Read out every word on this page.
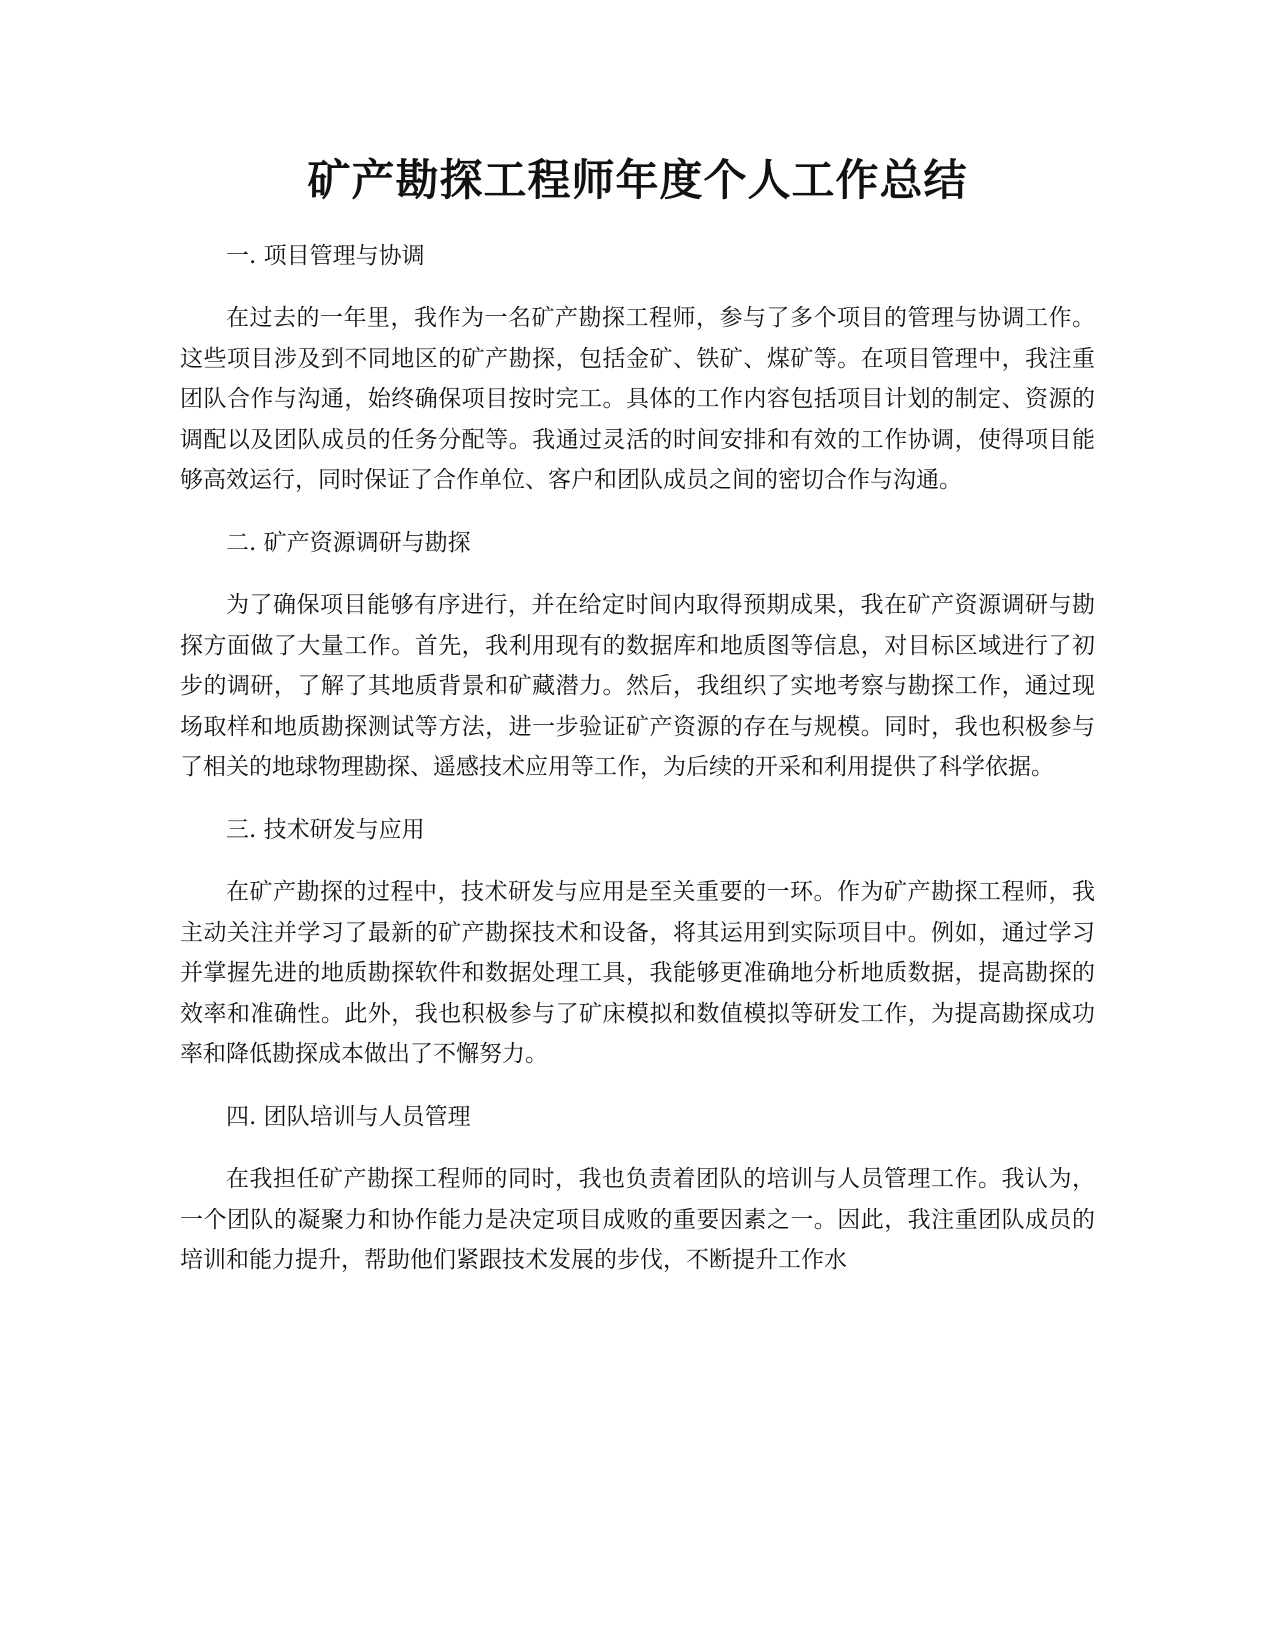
矿产勘探工程师年度个人工作总结

一. 项目管理与协调

在过去的一年里，我作为一名矿产勘探工程师，参与了多个项目的管理与协调工作。这些项目涉及到不同地区的矿产勘探，包括金矿、铁矿、煤矿等。在项目管理中，我注重团队合作与沟通，始终确保项目按时完工。具体的工作内容包括项目计划的制定、资源的调配以及团队成员的任务分配等。我通过灵活的时间安排和有效的工作协调，使得项目能够高效运行，同时保证了合作单位、客户和团队成员之间的密切合作与沟通。

二. 矿产资源调研与勘探

为了确保项目能够有序进行，并在给定时间内取得预期成果，我在矿产资源调研与勘探方面做了大量工作。首先，我利用现有的数据库和地质图等信息，对目标区域进行了初步的调研，了解了其地质背景和矿藏潜力。然后，我组织了实地考察与勘探工作，通过现场取样和地质勘探测试等方法，进一步验证矿产资源的存在与规模。同时，我也积极参与了相关的地球物理勘探、遥感技术应用等工作，为后续的开采和利用提供了科学依据。

三. 技术研发与应用

在矿产勘探的过程中，技术研发与应用是至关重要的一环。作为矿产勘探工程师，我主动关注并学习了最新的矿产勘探技术和设备，将其运用到实际项目中。例如，通过学习并掌握先进的地质勘探软件和数据处理工具，我能够更准确地分析地质数据，提高勘探的效率和准确性。此外，我也积极参与了矿床模拟和数值模拟等研发工作，为提高勘探成功率和降低勘探成本做出了不懈努力。

四. 团队培训与人员管理

在我担任矿产勘探工程师的同时，我也负责着团队的培训与人员管理工作。我认为，一个团队的凝聚力和协作能力是决定项目成败的重要因素之一。因此，我注重团队成员的培训和能力提升，帮助他们紧跟技术发展的步伐，不断提升工作水
